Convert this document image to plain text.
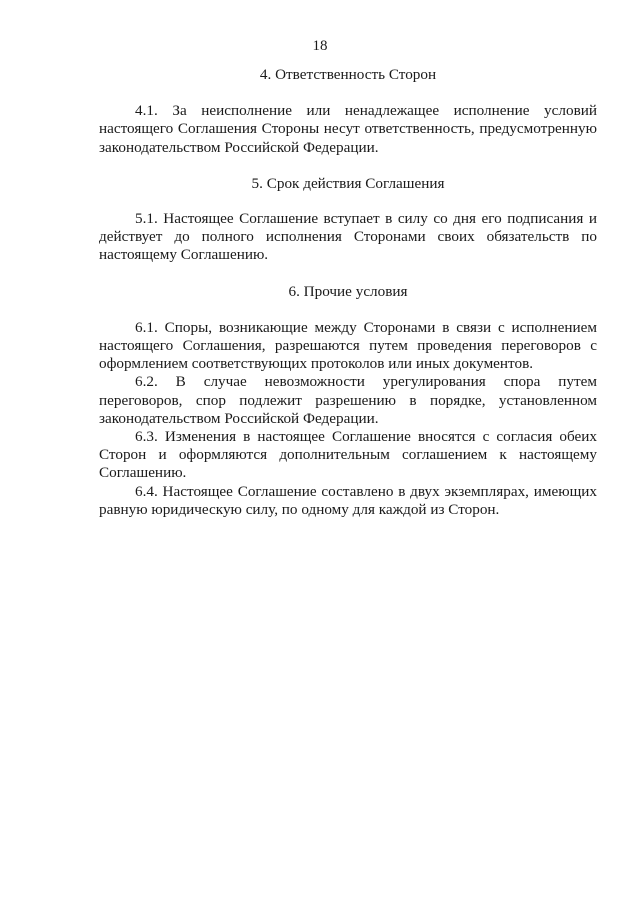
18
4. Ответственность Сторон

4.1. За неисполнение или ненадлежащее исполнение условий настоящего Соглашения Стороны несут ответственность, предусмотренную законодательством Российской Федерации.

5. Срок действия Соглашения

5.1. Настоящее Соглашение вступает в силу со дня его подписания и действует до полного исполнения Сторонами своих обязательств по настоящему Соглашению.

6. Прочие условия

6.1. Споры, возникающие между Сторонами в связи с исполнением настоящего Соглашения, разрешаются путем проведения переговоров с оформлением соответствующих протоколов или иных документов.

6.2. В случае невозможности урегулирования спора путем переговоров, спор подлежит разрешению в порядке, установленном законодательством Российской Федерации.

6.3. Изменения в настоящее Соглашение вносятся с согласия обеих Сторон и оформляются дополнительным соглашением к настоящему Соглашению.

6.4. Настоящее Соглашение составлено в двух экземплярах, имеющих равную юридическую силу, по одному для каждой из Сторон.
